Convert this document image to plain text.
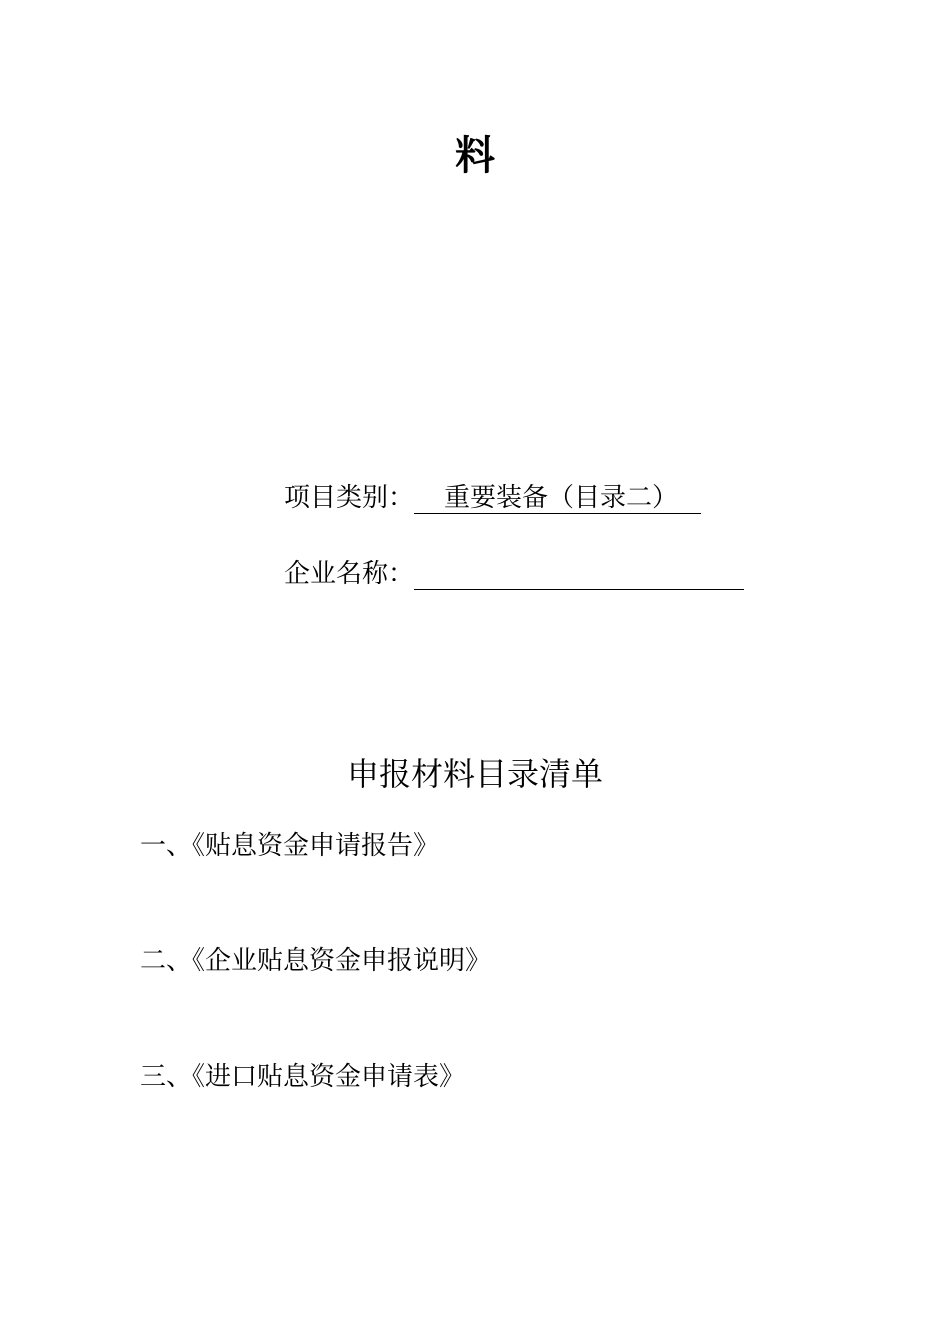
料
项目类别： 重要装备（目录二）
企业名称：
申报材料目录清单
一、《贴息资金申请报告》
二、《企业贴息资金申报说明》
三、《进口贴息资金申请表》
